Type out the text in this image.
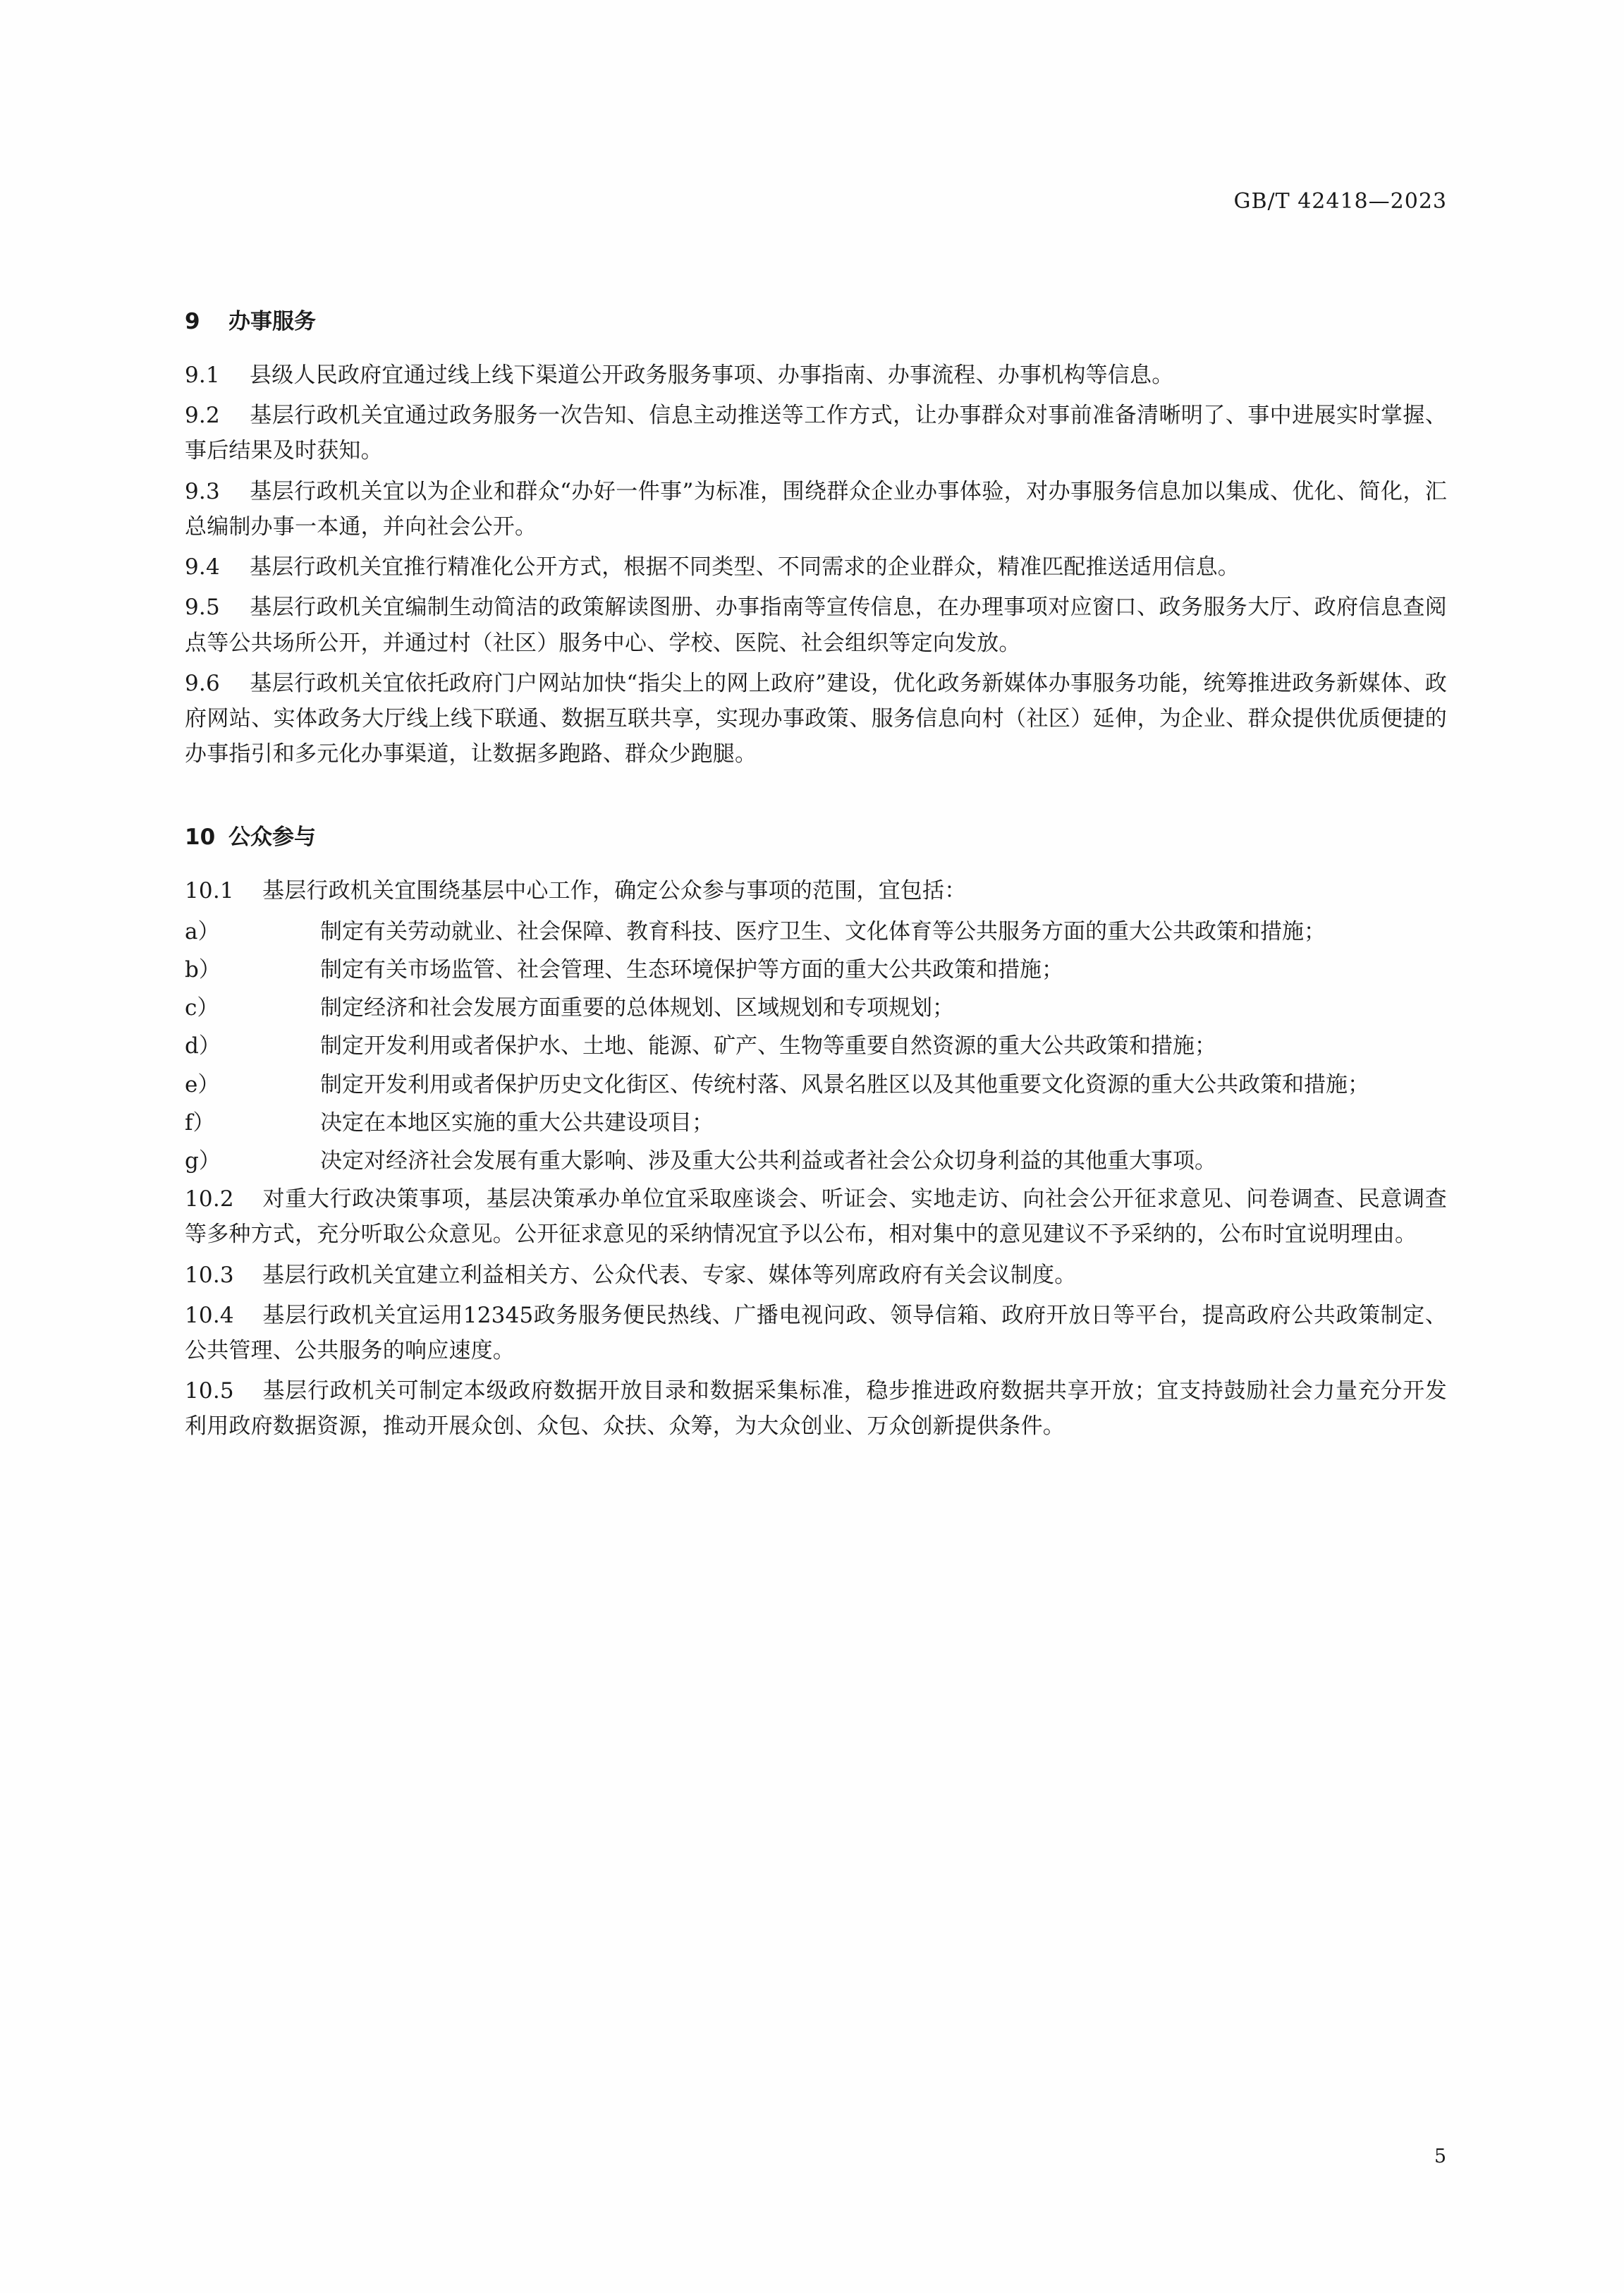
GB/T 42418—2023
9 办事服务

9.1 县级人民政府宜通过线上线下渠道公开政务服务事项、办事指南、办事流程、办事机构等信息。

9.2 基层行政机关宜通过政务服务一次告知、信息主动推送等工作方式，让办事群众对事前准备清晰明了、事中进展实时掌握、事后结果及时获知。

9.3 基层行政机关宜以为企业和群众“办好一件事”为标准，围绕群众企业办事体验，对办事服务信息加以集成、优化、简化，汇总编制办事一本通，并向社会公开。

9.4 基层行政机关宜推行精准化公开方式，根据不同类型、不同需求的企业群众，精准匹配推送适用信息。

9.5 基层行政机关宜编制生动简洁的政策解读图册、办事指南等宣传信息，在办理事项对应窗口、政务服务大厅、政府信息查阅点等公共场所公开，并通过村（社区）服务中心、学校、医院、社会组织等定向发放。

9.6 基层行政机关宜依托政府门户网站加快“指尖上的网上政府”建设，优化政务新媒体办事服务功能，统筹推进政务新媒体、政府网站、实体政务大厅线上线下联通、数据互联共享，实现办事政策、服务信息向村（社区）延伸，为企业、群众提供优质便捷的办事指引和多元化办事渠道，让数据多跑路、群众少跑腿。

10 公众参与

10.1 基层行政机关宜围绕基层中心工作，确定公众参与事项的范围，宜包括：

a）	制定有关劳动就业、社会保障、教育科技、医疗卫生、文化体育等公共服务方面的重大公共政策和措施；
b）	制定有关市场监管、社会管理、生态环境保护等方面的重大公共政策和措施；
c）	制定经济和社会发展方面重要的总体规划、区域规划和专项规划；
d）	制定开发利用或者保护水、土地、能源、矿产、生物等重要自然资源的重大公共政策和措施；
e）	制定开发利用或者保护历史文化街区、传统村落、风景名胜区以及其他重要文化资源的重大公共政策和措施；
f）	决定在本地区实施的重大公共建设项目；
g）	决定对经济社会发展有重大影响、涉及重大公共利益或者社会公众切身利益的其他重大事项。

10.2 对重大行政决策事项，基层决策承办单位宜采取座谈会、听证会、实地走访、向社会公开征求意见、问卷调查、民意调查等多种方式，充分听取公众意见。公开征求意见的采纳情况宜予以公布，相对集中的意见建议不予采纳的，公布时宜说明理由。

10.3 基层行政机关宜建立利益相关方、公众代表、专家、媒体等列席政府有关会议制度。

10.4 基层行政机关宜运用12345政务服务便民热线、广播电视问政、领导信箱、政府开放日等平台，提高政府公共政策制定、公共管理、公共服务的响应速度。

10.5 基层行政机关可制定本级政府数据开放目录和数据采集标准，稳步推进政府数据共享开放；宜支持鼓励社会力量充分开发利用政府数据资源，推动开展众创、众包、众扶、众筹，为大众创业、万众创新提供条件。

5
